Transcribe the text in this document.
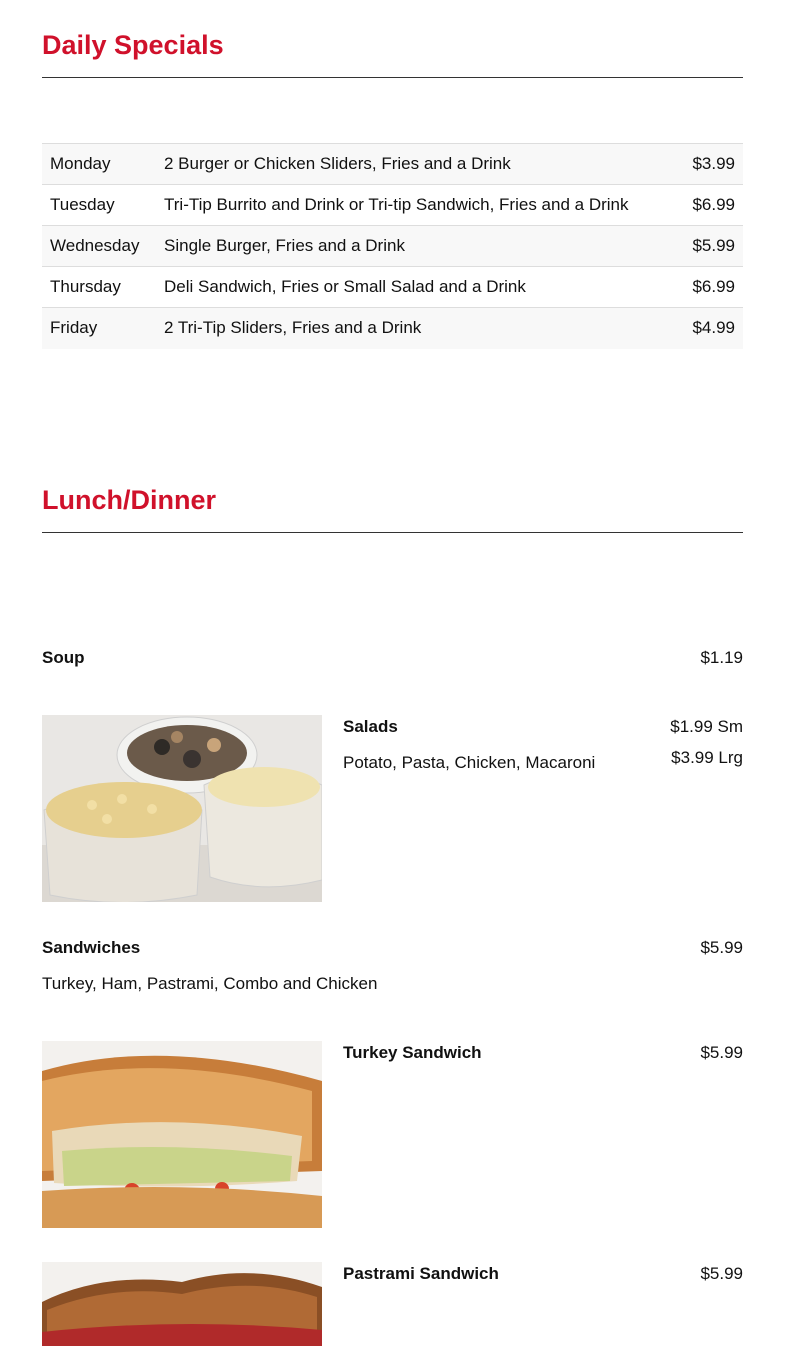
Daily Specials
Monday	2 Burger or Chicken Sliders, Fries and a Drink	$3.99
Tuesday	Tri-Tip Burrito and Drink or Tri-tip Sandwich, Fries and a Drink	$6.99
Wednesday	Single Burger, Fries and a Drink	$5.99
Thursday	Deli Sandwich, Fries or Small Salad and a Drink	$6.99
Friday	2 Tri-Tip Sliders, Fries and a Drink	$4.99
Lunch/Dinner
Soup	$1.19
Salads	$1.99 Sm
Potato, Pasta, Chicken, Macaroni	$3.99 Lrg
Sandwiches	$5.99
Turkey, Ham, Pastrami, Combo and Chicken
Turkey Sandwich	$5.99
Pastrami Sandwich	$5.99
